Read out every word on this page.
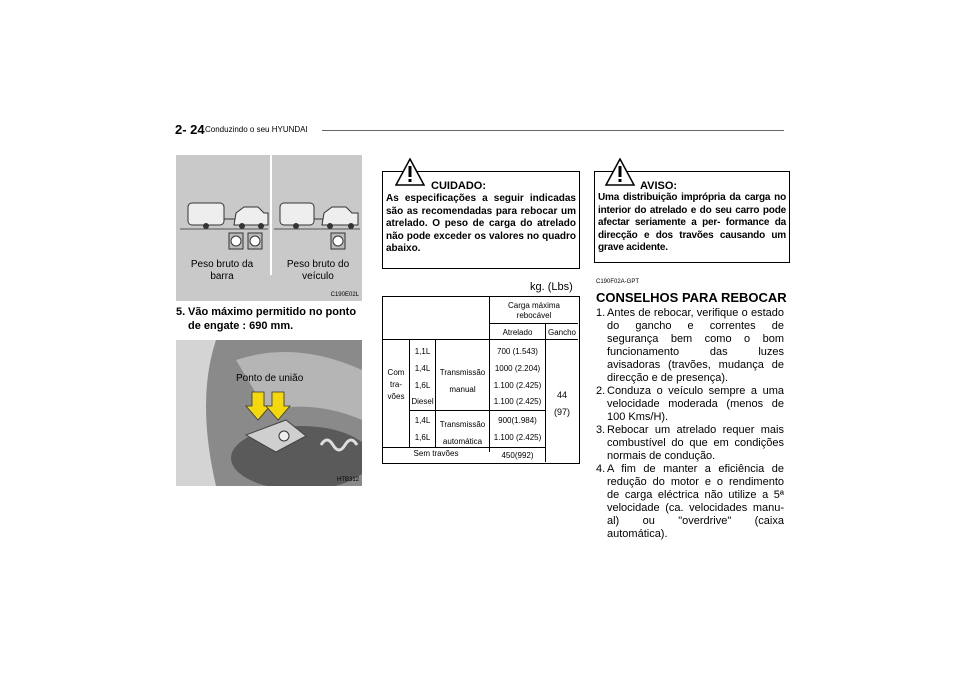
2- 24 Conduzindo o seu HYUNDAI
Peso bruto da barra
Peso bruto do veículo
C190E02L
5. Vão máximo permitido no ponto de engate : 690 mm.
Ponto de união
HTB312
CUIDADO:
As especificações a seguir indicadas são as recomendadas para rebocar um atrelado. O peso de carga do atrelado não pode exceder os valores no quadro abaixo.
AVISO:
Uma distribuição imprópria da carga no interior do atrelado e do seu carro pode afectar seriamente a per- formance da direcção e dos travões causando um grave acidente.
kg. (Lbs)
Carga máxima rebocável
Atrelado	Gancho
Com tra- vões
1,1L
1,4L
1,6L
Diesel
1,4L
1,6L
Transmissão manual
Transmissão automática
700 (1.543)
1000 (2.204)
1.100 (2.425)
1.100 (2.425)
900(1.984)
1.100 (2.425)
44
(97)
Sem travões	450(992)
C190F02A-GPT
CONSELHOS PARA REBOCAR
1. Antes de rebocar, verifique o estado do gancho e correntes de segurança bem como o bom funcionamento das luzes avisadoras (travões, mudança de direcção e de presença).
2. Conduza o veículo sempre a uma velocidade moderada (menos de 100 Kms/H).
3. Rebocar um atrelado requer mais combustível do que em condições normais de condução.
4. A fim de manter a eficiência de redução do motor e o rendimento de carga eléctrica não utilize a 5ª velocidade (ca. velocidades manu- al) ou "overdrive" (caixa automática).
